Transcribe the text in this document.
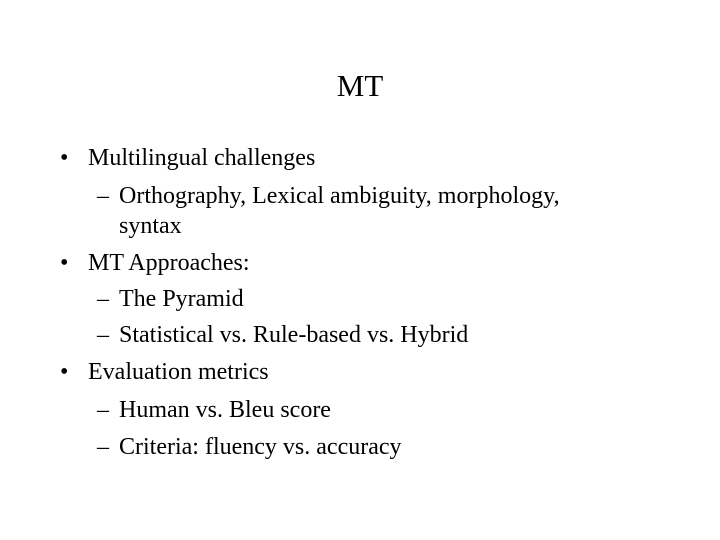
MT
• Multilingual challenges
– Orthography, Lexical ambiguity, morphology,
syntax
• MT Approaches:
– The Pyramid
– Statistical vs. Rule-based vs. Hybrid
• Evaluation metrics
– Human vs. Bleu score
– Criteria: fluency vs. accuracy
